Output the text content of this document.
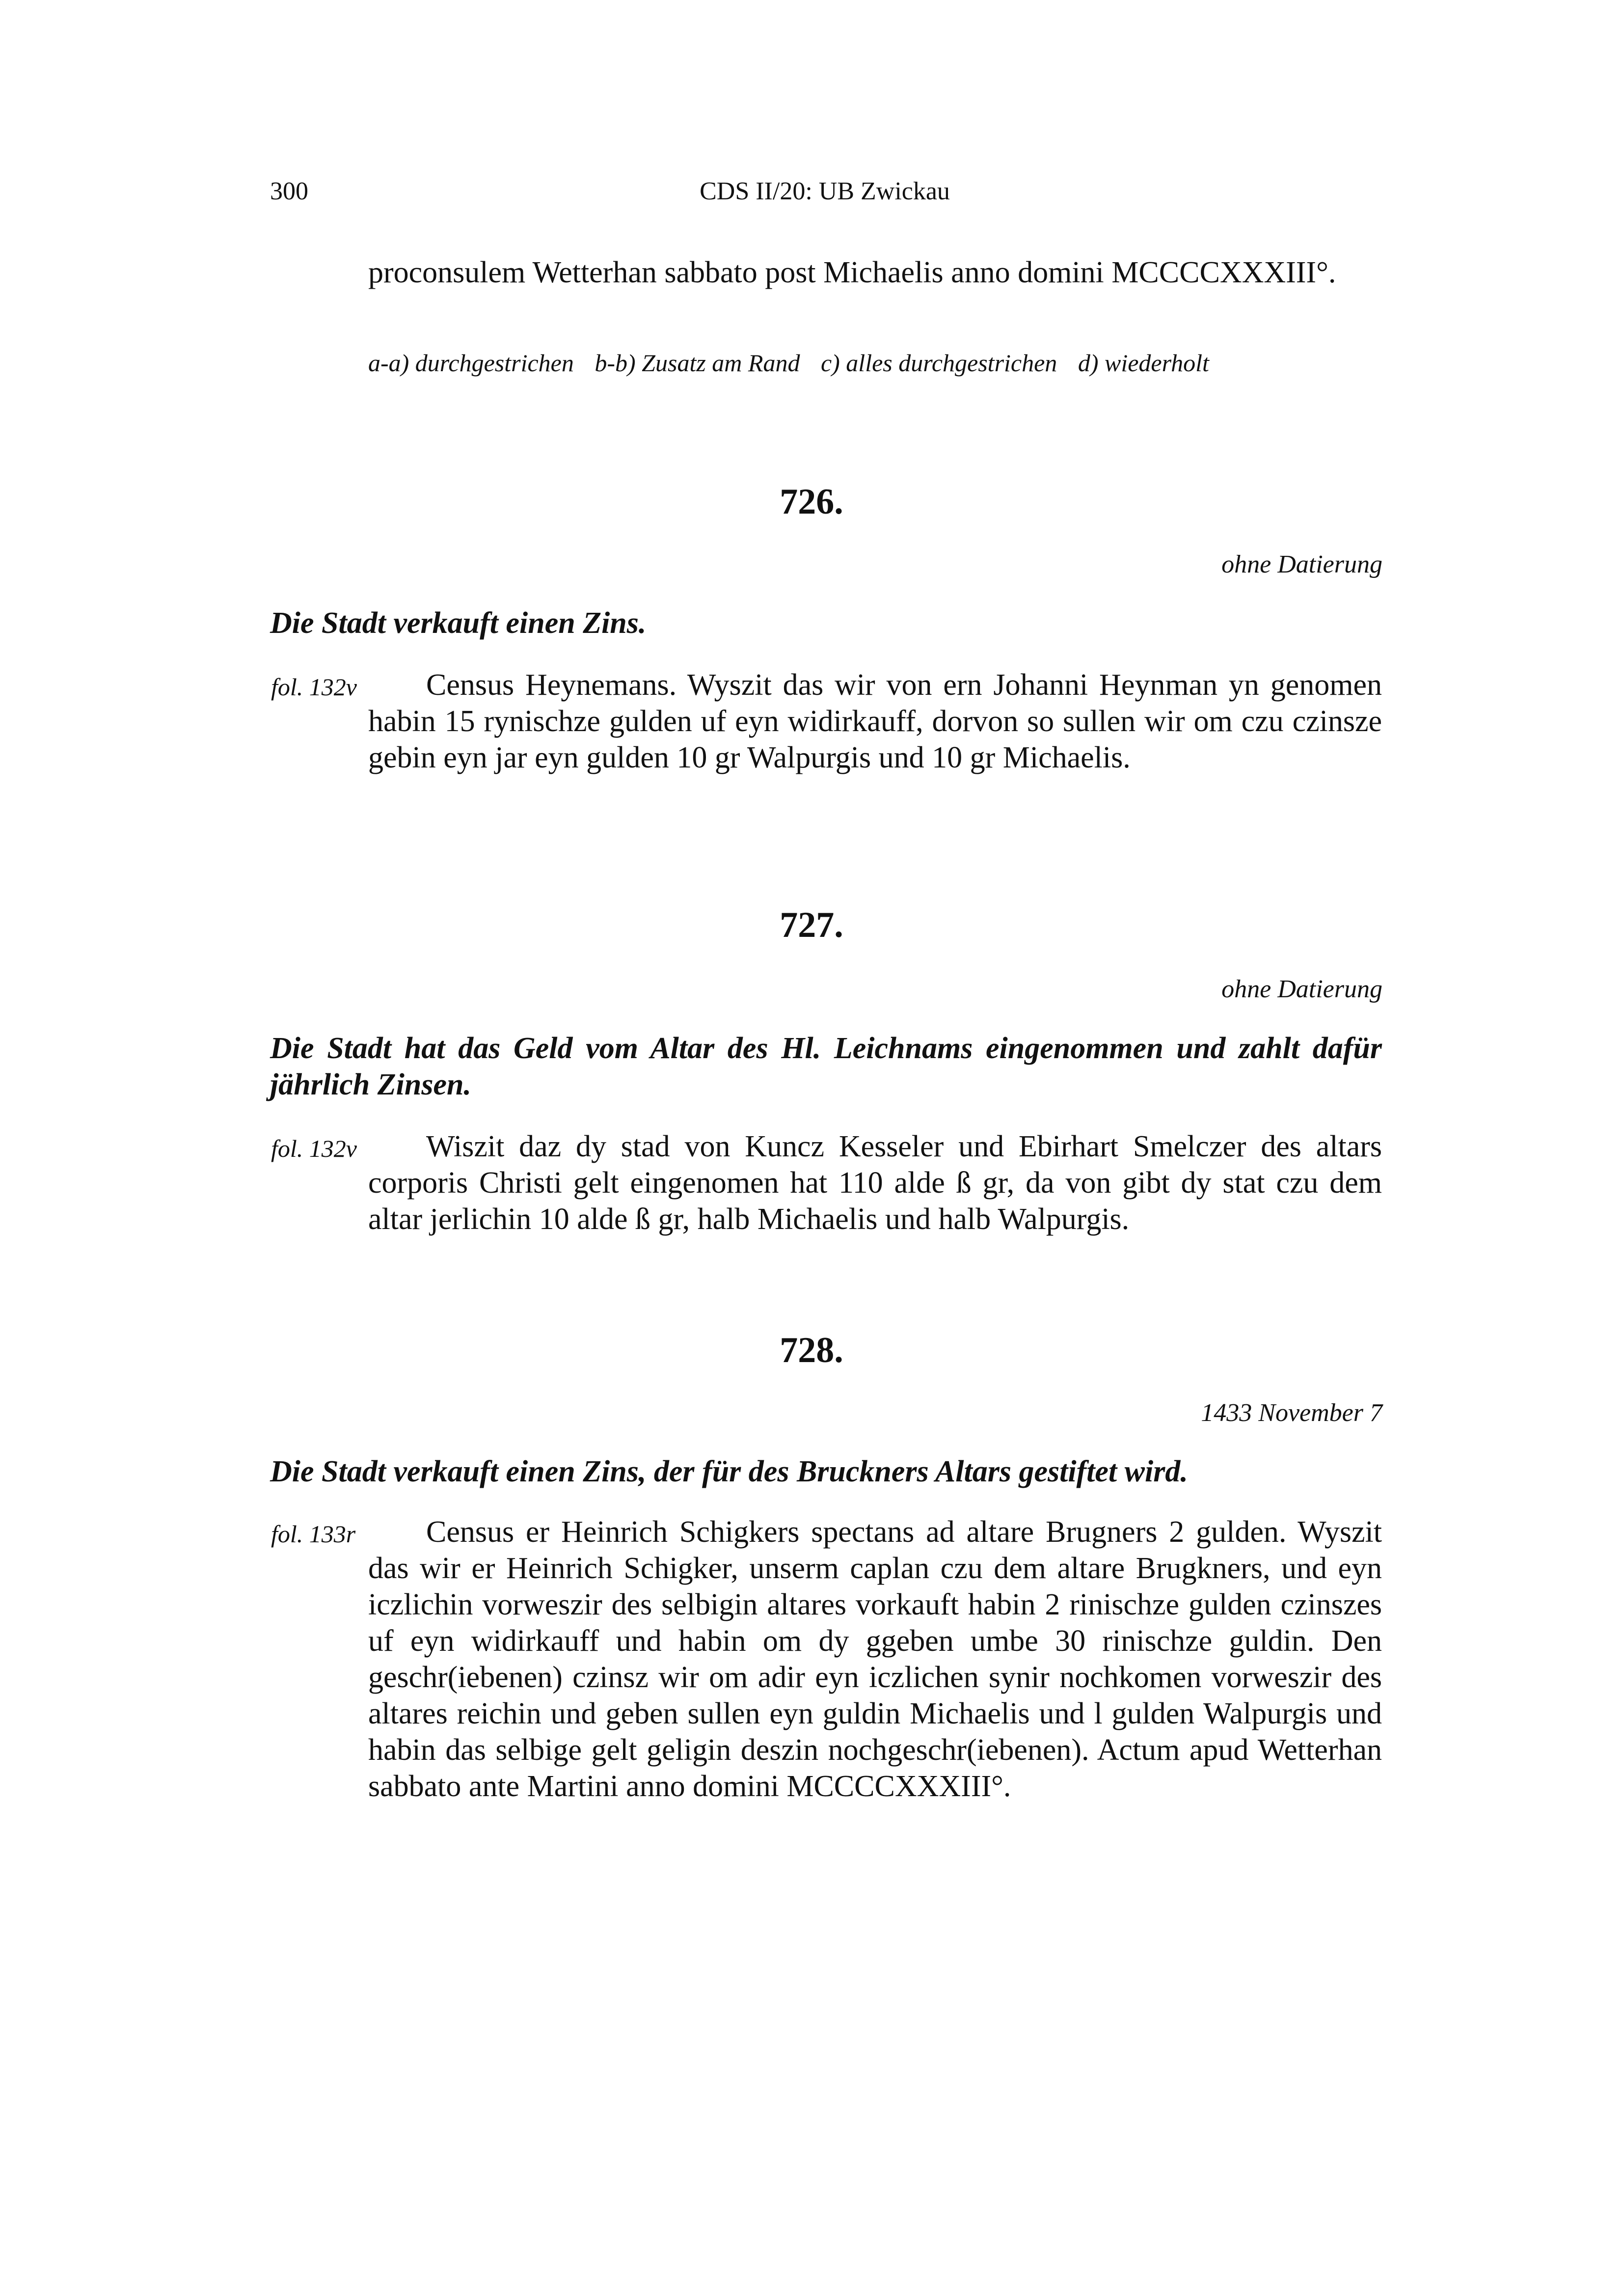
300	CDS II/20: UB Zwickau
proconsulem Wetterhan sabbato post Michaelis anno domini MCCCCXXXIII°.
a-a) durchgestrichen b-b) Zusatz am Rand c) alles durchgestrichen d) wiederholt
726.
ohne Datierung
Die Stadt verkauft einen Zins.
fol. 132v	Census Heynemans. Wyszit das wir von ern Johanni Heynman yn genomen habin 15 rynischze gulden uf eyn widirkauff, dorvon so sullen wir om czu czinsze gebin eyn jar eyn gulden 10 gr Walpurgis und 10 gr Michaelis.
727.
ohne Datierung
Die Stadt hat das Geld vom Altar des Hl. Leichnams eingenommen und zahlt dafür jährlich Zinsen.
fol. 132v	Wiszit daz dy stad von Kuncz Kesseler und Ebirhart Smelczer des altars corporis Christi gelt eingenomen hat 110 alde ß gr, da von gibt dy stat czu dem altar jerlichin 10 alde ß gr, halb Michaelis und halb Walpurgis.
728.
1433 November 7
Die Stadt verkauft einen Zins, der für des Bruckners Altars gestiftet wird.
fol. 133r	Census er Heinrich Schigkers spectans ad altare Brugners 2 gulden. Wyszit das wir er Heinrich Schigker, unserm caplan czu dem altare Brugkners, und eyn iczlichin vorweszir des selbigin altares vorkauft habin 2 rinischze gulden czinszes uf eyn widirkauff und habin om dy ggeben umbe 30 rinischze guldin. Den geschr(iebenen) czinsz wir om adir eyn iczlichen synir nochkomen vorweszir des altares reichin und geben sullen eyn guldin Michaelis und l gulden Walpurgis und habin das selbige gelt geligin deszin nochgeschr(iebenen). Actum apud Wetterhan sabbato ante Martini anno domini MCCCCXXXIII°.
